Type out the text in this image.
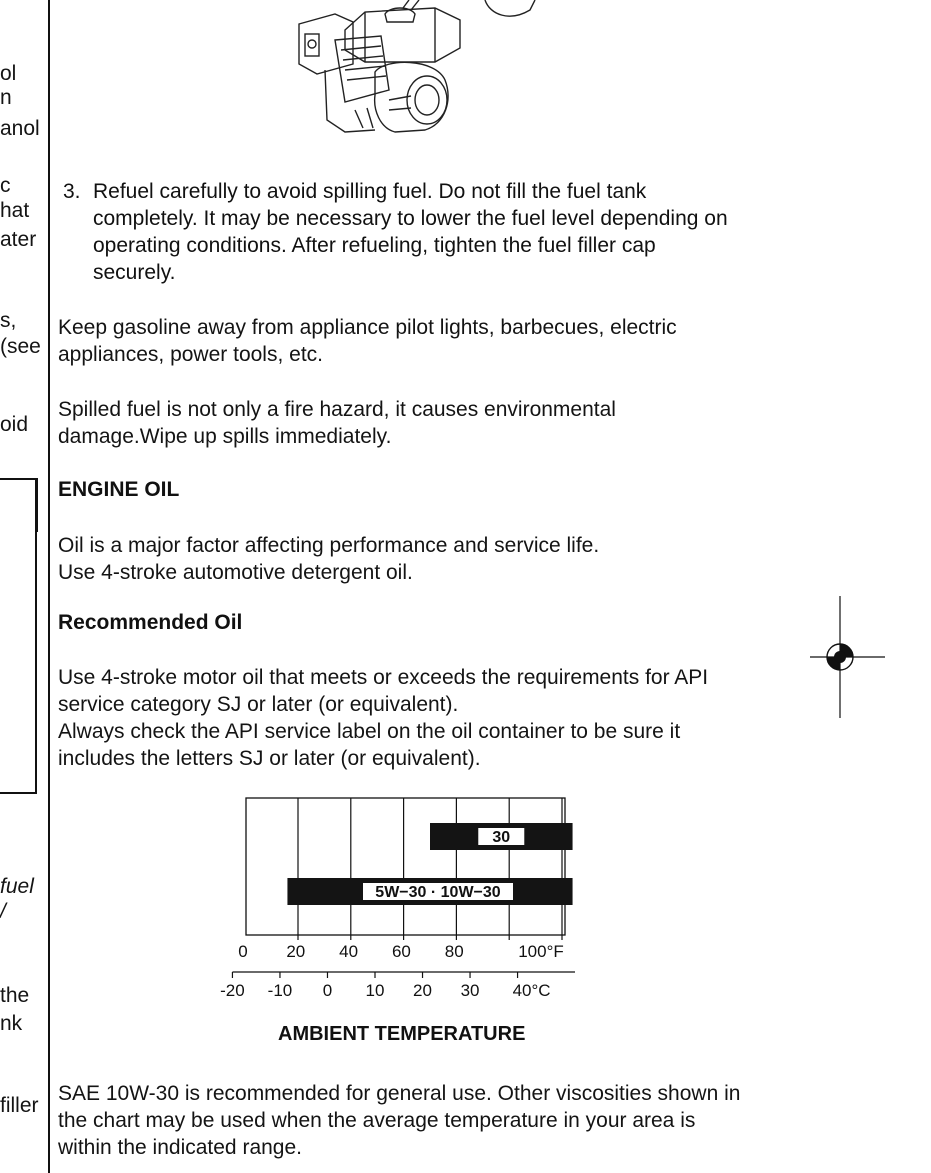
ol
n
anol
c
hat
ater
s,
(see
oid
fuel
/
the
nk
filler
3. Refuel carefully to avoid spilling fuel. Do not fill the fuel tank completely. It may be necessary to lower the fuel level depending on operating conditions. After refueling, tighten the fuel filler cap securely.

Keep gasoline away from appliance pilot lights, barbecues, electric appliances, power tools, etc.

Spilled fuel is not only a fire hazard, it causes environmental damage.Wipe up spills immediately.

ENGINE OIL

Oil is a major factor affecting performance and service life.

Use 4-stroke automotive detergent oil.

Recommended Oil

Use 4-stroke motor oil that meets or exceeds the requirements for API service category SJ or later (or equivalent).

Always check the API service label on the oil container to be sure it includes the letters SJ or later (or equivalent).

30
5W−30 · 10W−30
0 20 40 60 80	100°F
-20 -10 0 10 20 30 40°C
AMBIENT TEMPERATURE

SAE 10W-30 is recommended for general use. Other viscosities shown in the chart may be used when the average temperature in your area is within the indicated range.
